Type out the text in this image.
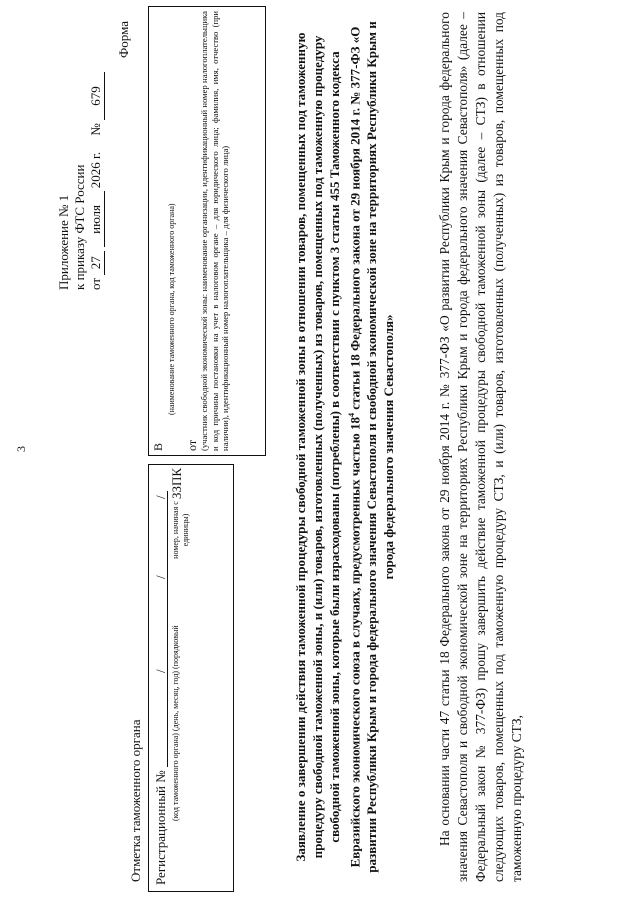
3
Приложение № 1 к приказу ФТС России от 27 июля 2026 г.     № 679
Форма
Отметка таможенного органа Регистрационный №
/
/
/ЗЗПК
(код таможенного органа) (день, месяц, год) (порядковый
номер, начиная с единицы)
В
(наименование таможенного органа, код таможенного органа)
от (участник свободной экономической зоны: наименование организации, идентификационный номер налогоплательщика и код причины постановки на учет в налоговом органе – для юридического лица; фамилия, имя, отчество (при наличии), идентификационный номер налогоплательщика – для физического лица)	Заявление о завершении действия таможенной процедуры свободной таможенной зоны в отношении товаров, помещенных под таможенную процедуру свободной таможенной зоны, и (или) товаров, изготовленных (полученных) из товаров, помещенных под таможенную процедуру свободной таможенной зоны, которые были израсходованы (потреблены) в соответствии с пунктом 3 статьи 455 Таможенного кодекса Евразийского экономического союза в случаях, предусмотренных частью $18^4$ статьи 18 Федерального закона от 29 ноября 2014 г. № 377-ФЗ «О развитии Республики Крым и города федерального значения Севастополя и свободной экономической зоне на территориях Республики Крым и города федерального значения Севастополя»	На основании части 47 статьи 18 Федерального закона от 29 ноября 2014 г. № 377-ФЗ «О развитии Республики Крым и города федерального значения Севастополя и свободной экономической зоне на территориях Республики Крым и города федерального значения Севастополя» (далее – Федеральный закон № 377-ФЗ) прошу завершить действие таможенной процедуры свободной таможенной зоны (далее – СТЗ) в отношении следующих товаров, помещенных под таможенную процедуру СТЗ, и (или) товаров, изготовленных (полученных) из товаров, помещенных под таможенную процедуру СТЗ,
